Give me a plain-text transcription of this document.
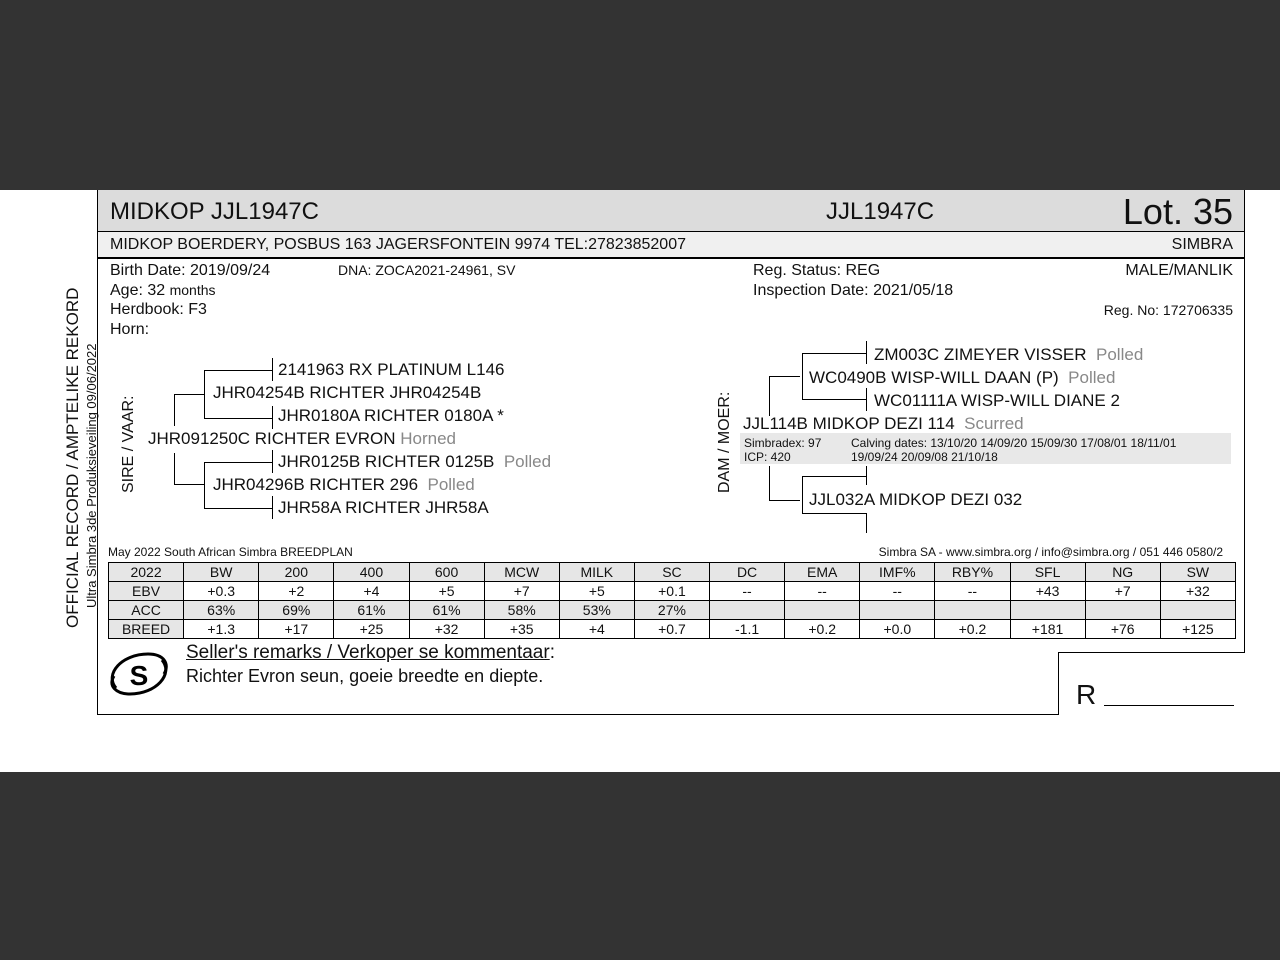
MIDKOP JJL1947C	JJL1947C	Lot. 35
MIDKOP BOERDERY, POSBUS 163 JAGERSFONTEIN 9974 TEL:27823852007	SIMBRA
OFFICIAL RECORD / AMPTELIKE REKORD Ultra Simbra 3de Produksieveiling 09/06/2022
Birth Date: 2019/09/24	DNA: ZOCA2021-24961, SV
Age: 32 months
Herdbook: F3
Horn:
Reg. Status: REG
Inspection Date: 2021/05/18
MALE/MANLIK
Reg. No: 172706335
SIRE / VAAR:
2141963 RX PLATINUM L146
JHR04254B RICHTER JHR04254B
JHR0180A RICHTER 0180A *
JHR091250C RICHTER EVRON Horned
JHR0125B RICHTER 0125B Polled
JHR04296B RICHTER 296 Polled
JHR58A RICHTER JHR58A
DAM / MOER:
ZM003C ZIMEYER VISSER Polled
WC0490B WISP-WILL DAAN (P) Polled
WC01111A WISP-WILL DIANE 2
JJL114B MIDKOP DEZI 114 Scurred
Simbradex: 97
ICP: 420
Calving dates: 13/10/20 14/09/20 15/09/30 17/08/01 18/11/01
19/09/24 20/09/08 21/10/18
JJL032A MIDKOP DEZI 032
May 2022 South African Simbra BREEDPLAN	Simbra SA - www.simbra.org / info@simbra.org / 051 446 0580/2
2022	BW	200	400	600	MCW	MILK	SC	DC	EMA	IMF%	RBY%	SFL	NG	SW
EBV	+0.3	+2	+4	+5	+7	+5	+0.1	--	--	--	--	+43	+7	+32
ACC	63%	69%	61%	61%	58%	53%	27%							
BREED	+1.3	+17	+25	+32	+35	+4	+0.7	-1.1	+0.2	+0.0	+0.2	+181	+76	+125
S
Seller's remarks / Verkoper se kommentaar:
Richter Evron seun, goeie breedte en diepte.
R
